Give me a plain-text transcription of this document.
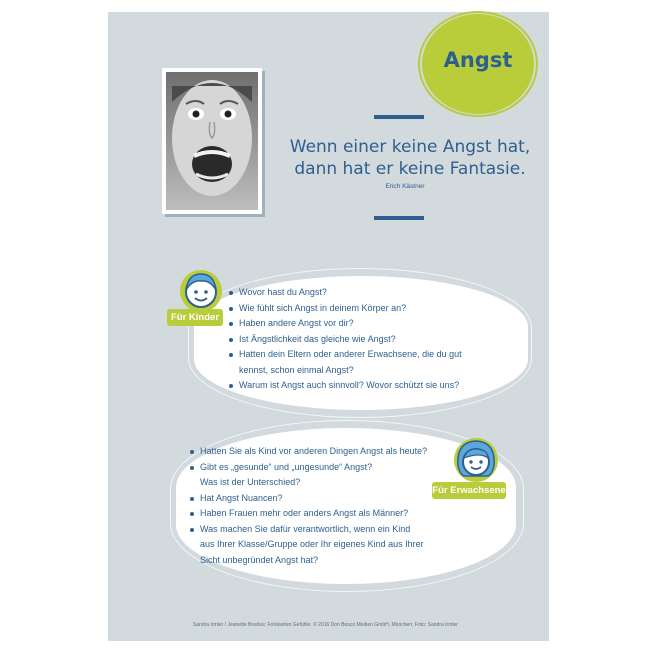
Angst
Wenn einer keine Angst hat,
dann hat er keine Fantasie.
Erich Kästner
Für Kinder
Wovor hast du Angst?
Wie fühlt sich Angst in deinem Körper an?
Haben andere Angst vor dir?
Ist Ängstlichkeit das gleiche wie Angst?
Hatten dein Eltern oder anderer Erwachsene, die du gut
kennst, schon einmal Angst?
Warum ist Angst auch sinnvoll? Wovor schützt sie uns?
Für Erwachsene
Hatten Sie als Kind vor anderen Dingen Angst als heute?
Gibt es „gesunde“ und „ungesunde“ Angst?
Was ist der Unterschied?
Hat Angst Nuancen?
Haben Frauen mehr oder anders Angst als Männer?
Was machen Sie dafür verantwortlich, wenn ein Kind
aus Ihrer Klasse/Gruppe oder Ihr eigenes Kind aus Ihrer
Sicht unbegründet Angst hat?
Sandra Irmler / Jeanette Boetius: Fotokarten Gefühle. © 2016 Don Bosco Medien GmbH, München; Foto: Sandra Irmler
